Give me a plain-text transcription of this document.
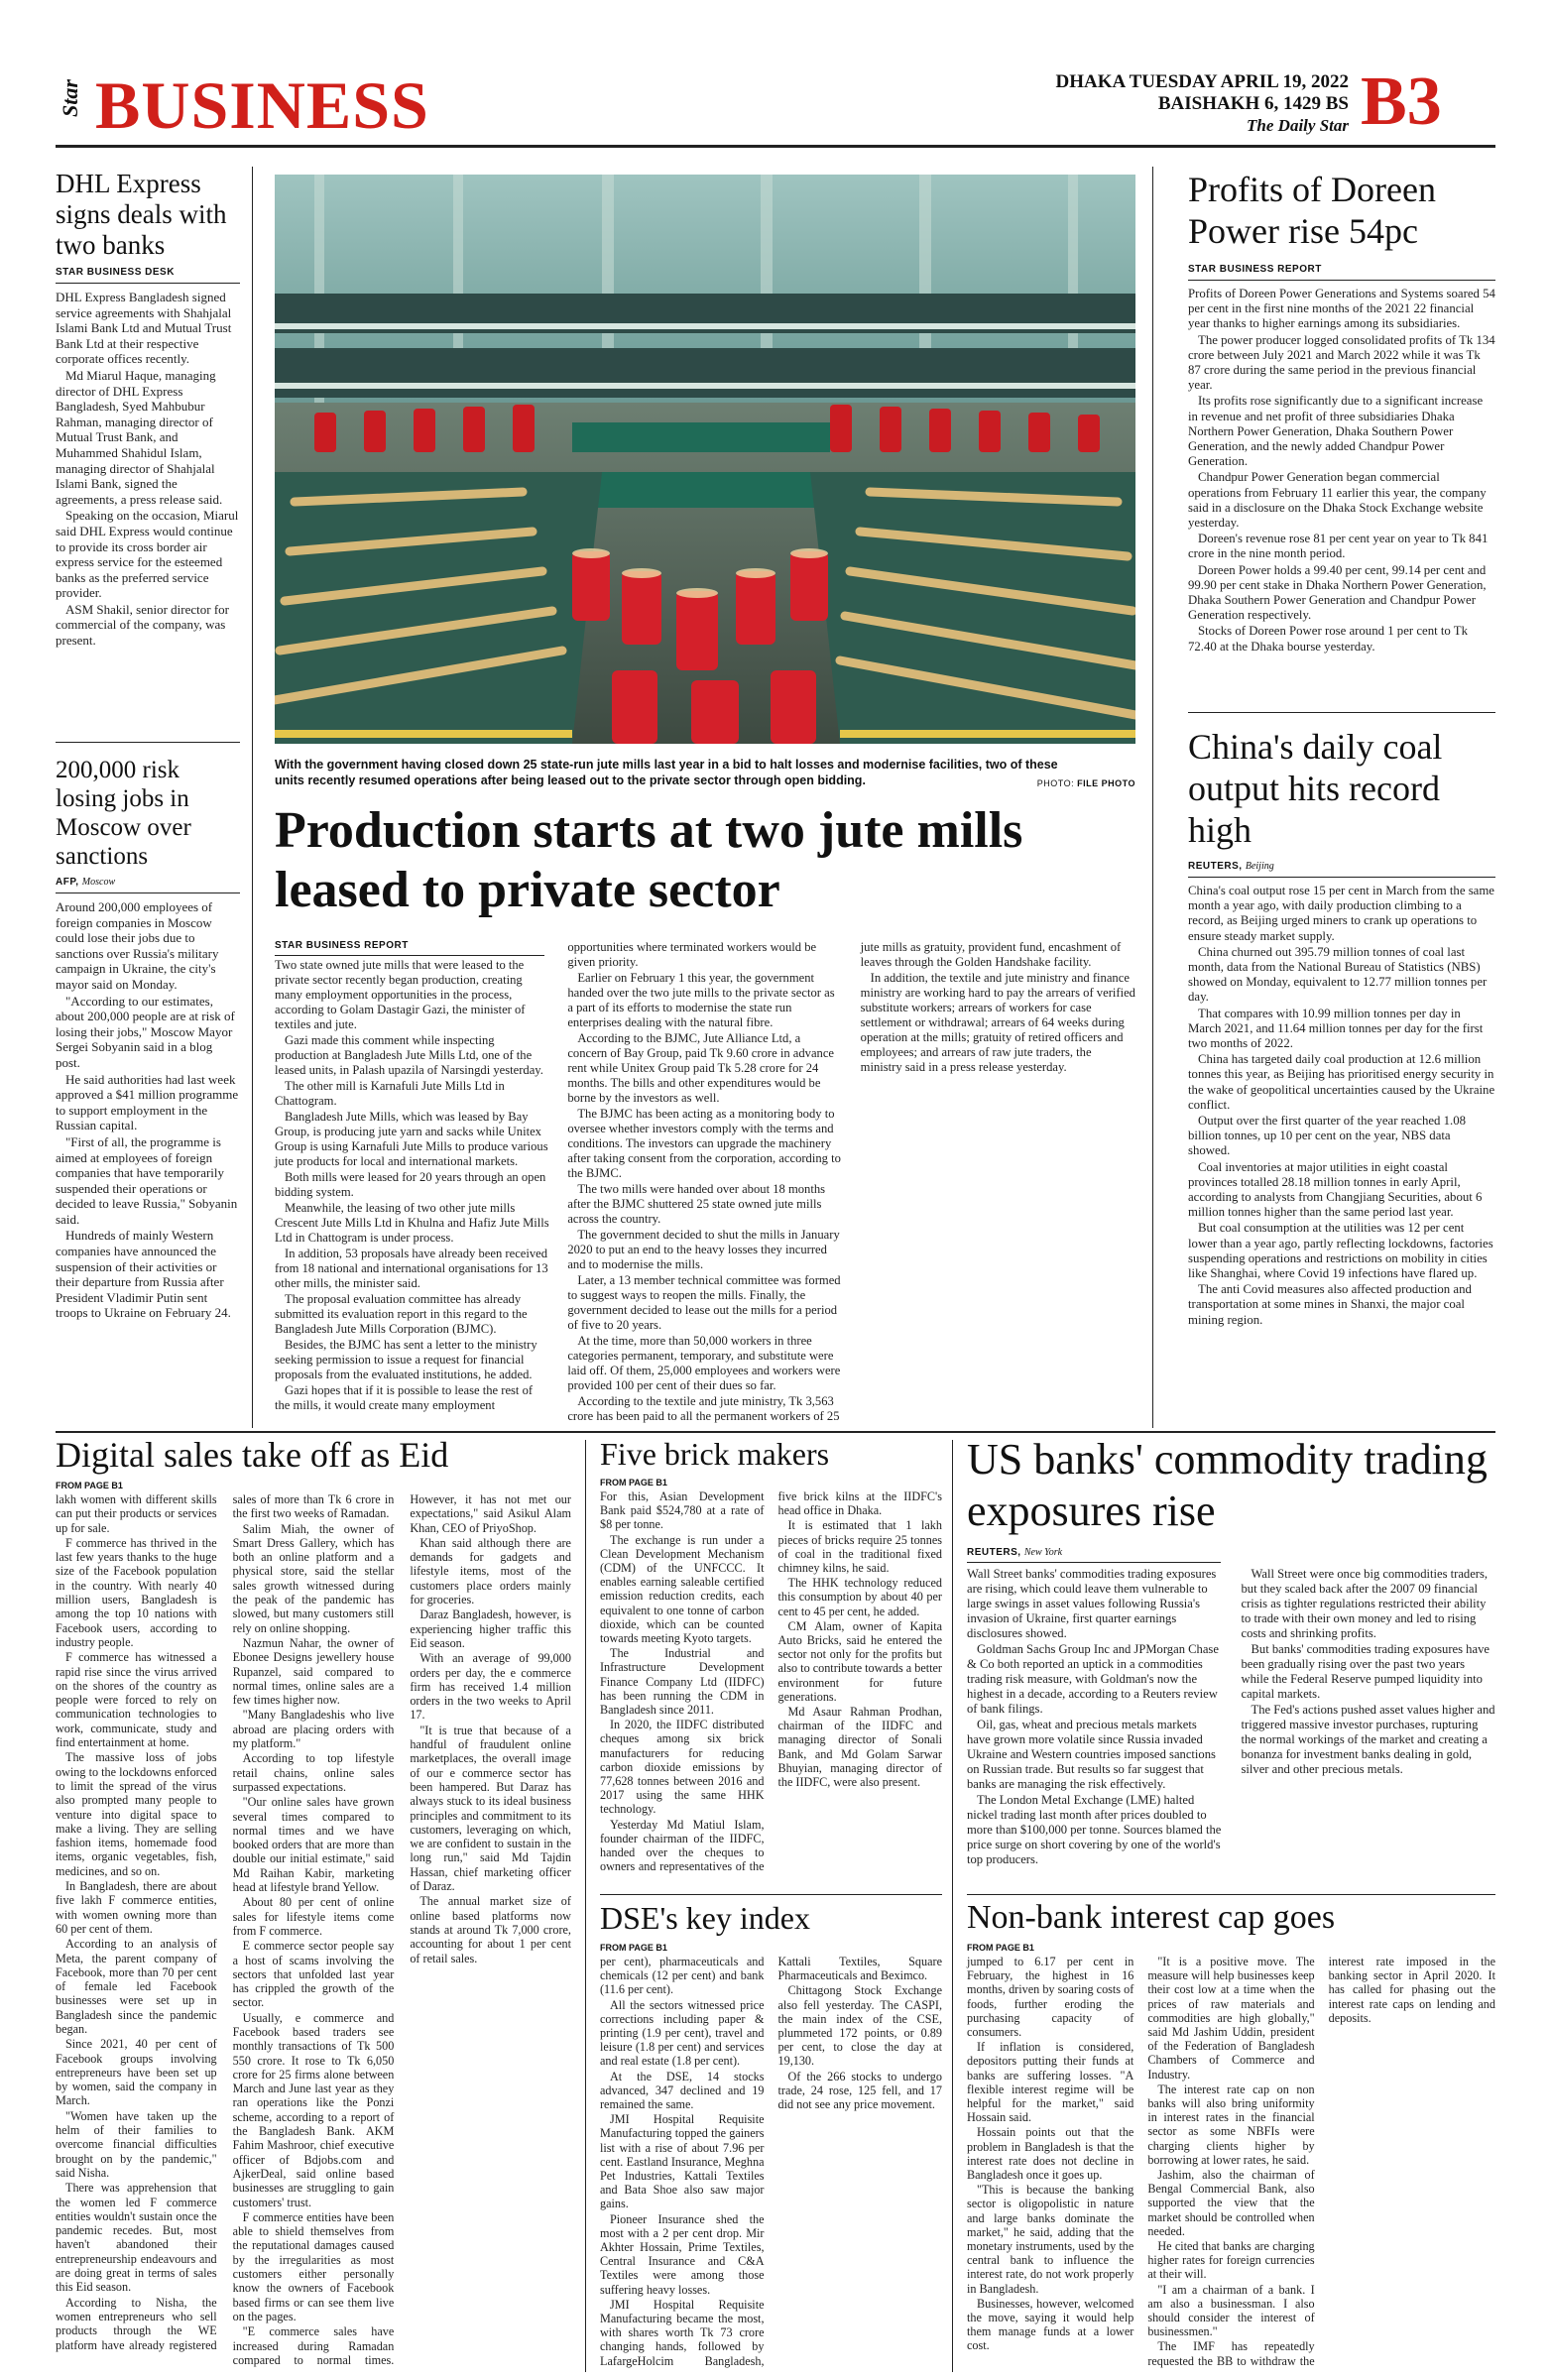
Star BUSINESS	DHAKA TUESDAY APRIL 19, 2022
BAISHAKH 6, 1429 BS
The Daily Star B3
DHL Express signs deals with two banks
STAR BUSINESS DESK

DHL Express Bangladesh signed service agreements with Shahjalal Islami Bank Ltd and Mutual Trust Bank Ltd at their respective corporate offices recently.

Md Miarul Haque, managing director of DHL Express Bangladesh, Syed Mahbubur Rahman, managing director of Mutual Trust Bank, and Muhammed Shahidul Islam, managing director of Shahjalal Islami Bank, signed the agreements, a press release said.

Speaking on the occasion, Miarul said DHL Express would continue to provide its cross border air express service for the esteemed banks as the preferred service provider.

ASM Shakil, senior director for commercial of the company, was present.

200,000 risk losing jobs in Moscow over sanctions
AFP, Moscow

Around 200,000 employees of foreign companies in Moscow could lose their jobs due to sanctions over Russia's military campaign in Ukraine, the city's mayor said on Monday.

"According to our estimates, about 200,000 people are at risk of losing their jobs," Moscow Mayor Sergei Sobyanin said in a blog post.

He said authorities had last week approved a $41 million programme to support employment in the Russian capital.

"First of all, the programme is aimed at employees of foreign companies that have temporarily suspended their operations or decided to leave Russia," Sobyanin said.

Hundreds of mainly Western companies have announced the suspension of their activities or their departure from Russia after President Vladimir Putin sent troops to Ukraine on February 24.

With the government having closed down 25 state-run jute mills last year in a bid to halt losses and modernise facilities, two of these units recently resumed operations after being leased out to the private sector through open bidding.	PHOTO: FILE PHOTO
Production starts at two jute mills leased to private sector
STAR BUSINESS REPORT

Two state owned jute mills that were leased to the private sector recently began production, creating many employment opportunities in the process, according to Golam Dastagir Gazi, the minister of textiles and jute.

Gazi made this comment while inspecting production at Bangladesh Jute Mills Ltd, one of the leased units, in Palash upazila of Narsingdi yesterday.

The other mill is Karnafuli Jute Mills Ltd in Chattogram.

Bangladesh Jute Mills, which was leased by Bay Group, is producing jute yarn and sacks while Unitex Group is using Karnafuli Jute Mills to produce various jute products for local and international markets.

Both mills were leased for 20 years through an open bidding system.

Meanwhile, the leasing of two other jute mills Crescent Jute Mills Ltd in Khulna and Hafiz Jute Mills Ltd in Chattogram is under process.

In addition, 53 proposals have already been received from 18 national and international organisations for 13 other mills, the minister said.

The proposal evaluation committee has already submitted its evaluation report in this regard to the Bangladesh Jute Mills Corporation (BJMC).

Besides, the BJMC has sent a letter to the ministry seeking permission to issue a request for financial proposals from the evaluated institutions, he added.

Gazi hopes that if it is possible to lease the rest of the mills, it would create many employment opportunities where terminated workers would be given priority.

Earlier on February 1 this year, the government handed over the two jute mills to the private sector as a part of its efforts to modernise the state run enterprises dealing with the natural fibre.

According to the BJMC, Jute Alliance Ltd, a concern of Bay Group, paid Tk 9.60 crore in advance rent while Unitex Group paid Tk 5.28 crore for 24 months. The bills and other expenditures would be borne by the investors as well.

The BJMC has been acting as a monitoring body to oversee whether investors comply with the terms and conditions. The investors can upgrade the machinery after taking consent from the corporation, according to the BJMC.

The two mills were handed over about 18 months after the BJMC shuttered 25 state owned jute mills across the country.

The government decided to shut the mills in January 2020 to put an end to the heavy losses they incurred and to modernise the mills.

Later, a 13 member technical committee was formed to suggest ways to reopen the mills. Finally, the government decided to lease out the mills for a period of five to 20 years.

At the time, more than 50,000 workers in three categories permanent, temporary, and substitute were laid off. Of them, 25,000 employees and workers were provided 100 per cent of their dues so far.

According to the textile and jute ministry, Tk 3,563 crore has been paid to all the permanent workers of 25 jute mills as gratuity, provident fund, encashment of leaves through the Golden Handshake facility.

In addition, the textile and jute ministry and finance ministry are working hard to pay the arrears of verified substitute workers; arrears of workers for case settlement or withdrawal; arrears of 64 weeks during operation at the mills; gratuity of retired officers and employees; and arrears of raw jute traders, the ministry said in a press release yesterday.

Profits of Doreen Power rise 54pc
STAR BUSINESS REPORT

Profits of Doreen Power Generations and Systems soared 54 per cent in the first nine months of the 2021 22 financial year thanks to higher earnings among its subsidiaries.

The power producer logged consolidated profits of Tk 134 crore between July 2021 and March 2022 while it was Tk 87 crore during the same period in the previous financial year.

Its profits rose significantly due to a significant increase in revenue and net profit of three subsidiaries Dhaka Northern Power Generation, Dhaka Southern Power Generation, and the newly added Chandpur Power Generation.

Chandpur Power Generation began commercial operations from February 11 earlier this year, the company said in a disclosure on the Dhaka Stock Exchange website yesterday.

Doreen's revenue rose 81 per cent year on year to Tk 841 crore in the nine month period.

Doreen Power holds a 99.40 per cent, 99.14 per cent and 99.90 per cent stake in Dhaka Northern Power Generation, Dhaka Southern Power Generation and Chandpur Power Generation respectively.

Stocks of Doreen Power rose around 1 per cent to Tk 72.40 at the Dhaka bourse yesterday.

China's daily coal output hits record high
REUTERS, Beijing

China's coal output rose 15 per cent in March from the same month a year ago, with daily production climbing to a record, as Beijing urged miners to crank up operations to ensure steady market supply.

China churned out 395.79 million tonnes of coal last month, data from the National Bureau of Statistics (NBS) showed on Monday, equivalent to 12.77 million tonnes per day.

That compares with 10.99 million tonnes per day in March 2021, and 11.64 million tonnes per day for the first two months of 2022.

China has targeted daily coal production at 12.6 million tonnes this year, as Beijing has prioritised energy security in the wake of geopolitical uncertainties caused by the Ukraine conflict.

Output over the first quarter of the year reached 1.08 billion tonnes, up 10 per cent on the year, NBS data showed.

Coal inventories at major utilities in eight coastal provinces totalled 28.18 million tonnes in early April, according to analysts from Changjiang Securities, about 6 million tonnes higher than the same period last year.

But coal consumption at the utilities was 12 per cent lower than a year ago, partly reflecting lockdowns, factories suspending operations and restrictions on mobility in cities like Shanghai, where Covid 19 infections have flared up.

The anti Covid measures also affected production and transportation at some mines in Shanxi, the major coal mining region.

Digital sales take off as Eid
FROM PAGE B1

lakh women with different skills can put their products or services up for sale.

F commerce has thrived in the last few years thanks to the huge size of the Facebook population in the country. With nearly 40 million users, Bangladesh is among the top 10 nations with Facebook users, according to industry people.

F commerce has witnessed a rapid rise since the virus arrived on the shores of the country as people were forced to rely on communication technologies to work, communicate, study and find entertainment at home.

The massive loss of jobs owing to the lockdowns enforced to limit the spread of the virus also prompted many people to venture into digital space to make a living. They are selling fashion items, homemade food items, organic vegetables, fish, medicines, and so on.

In Bangladesh, there are about five lakh F commerce entities, with women owning more than 60 per cent of them.

According to an analysis of Meta, the parent company of Facebook, more than 70 per cent of female led Facebook businesses were set up in Bangladesh since the pandemic began.

Since 2021, 40 per cent of Facebook groups involving entrepreneurs have been set up by women, said the company in March.

"Women have taken up the helm of their families to overcome financial difficulties brought on by the pandemic," said Nisha.

There was apprehension that the women led F commerce entities wouldn't sustain once the pandemic recedes. But, most haven't abandoned their entrepreneurship endeavours and are doing great in terms of sales this Eid season.

According to Nisha, the women entrepreneurs who sell products through the WE platform have already registered sales of more than Tk 6 crore in the first two weeks of Ramadan.

Salim Miah, the owner of Smart Dress Gallery, which has both an online platform and a physical store, said the stellar sales growth witnessed during the peak of the pandemic has slowed, but many customers still rely on online shopping.

Nazmun Nahar, the owner of Ebonee Designs jewellery house Rupanzel, said compared to normal times, online sales are a few times higher now.

"Many Bangladeshis who live abroad are placing orders with my platform."

According to top lifestyle retail chains, online sales surpassed expectations.

"Our online sales have grown several times compared to normal times and we have booked orders that are more than double our initial estimate," said Md Raihan Kabir, marketing head at lifestyle brand Yellow.

About 80 per cent of online sales for lifestyle items come from F commerce.

E commerce sector people say a host of scams involving the sectors that unfolded last year has crippled the growth of the sector.

Usually, e commerce and Facebook based traders see monthly transactions of Tk 500 550 crore. It rose to Tk 6,050 crore for 25 firms alone between March and June last year as they ran operations like the Ponzi scheme, according to a report of the Bangladesh Bank. AKM Fahim Mashroor, chief executive officer of Bdjobs.com and AjkerDeal, said online based businesses are struggling to gain customers' trust.

F commerce entities have been able to shield themselves from the reputational damages caused by the irregularities as most customers either personally know the owners of Facebook based firms or can see them live on the pages.

"E commerce sales have increased during Ramadan compared to normal times. However, it has not met our expectations," said Asikul Alam Khan, CEO of PriyoShop.

Khan said although there are demands for gadgets and lifestyle items, most of the customers place orders mainly for groceries.

Daraz Bangladesh, however, is experiencing higher traffic this Eid season.

With an average of 99,000 orders per day, the e commerce firm has received 1.4 million orders in the two weeks to April 17.

"It is true that because of a handful of fraudulent online marketplaces, the overall image of our e commerce sector has been hampered. But Daraz has always stuck to its ideal business principles and commitment to its customers, leveraging on which, we are confident to sustain in the long run," said Md Tajdin Hassan, chief marketing officer of Daraz.

The annual market size of online based platforms now stands at around Tk 7,000 crore, accounting for about 1 per cent of retail sales.

Five brick makers
FROM PAGE B1

For this, Asian Development Bank paid $524,780 at a rate of $8 per tonne.

The exchange is run under a Clean Development Mechanism (CDM) of the UNFCCC. It enables earning saleable certified emission reduction credits, each equivalent to one tonne of carbon dioxide, which can be counted towards meeting Kyoto targets.

The Industrial and Infrastructure Development Finance Company Ltd (IIDFC) has been running the CDM in Bangladesh since 2011.

In 2020, the IIDFC distributed cheques among six brick manufacturers for reducing carbon dioxide emissions by 77,628 tonnes between 2016 and 2017 using the same HHK technology.

Yesterday Md Matiul Islam, founder chairman of the IIDFC, handed over the cheques to owners and representatives of the five brick kilns at the IIDFC's head office in Dhaka.

It is estimated that 1 lakh pieces of bricks require 25 tonnes of coal in the traditional fixed chimney kilns, he said.

The HHK technology reduced this consumption by about 40 per cent to 45 per cent, he added.

CM Alam, owner of Kapita Auto Bricks, said he entered the sector not only for the profits but also to contribute towards a better environment for future generations.

Md Asaur Rahman Prodhan, chairman of the IIDFC and managing director of Sonali Bank, and Md Golam Sarwar Bhuyian, managing director of the IIDFC, were also present.

DSE's key index
FROM PAGE B1

per cent), pharmaceuticals and chemicals (12 per cent) and bank (11.6 per cent).

All the sectors witnessed price corrections including paper & printing (1.9 per cent), travel and leisure (1.8 per cent) and services and real estate (1.8 per cent).

At the DSE, 14 stocks advanced, 347 declined and 19 remained the same.

JMI Hospital Requisite Manufacturing topped the gainers list with a rise of about 7.96 per cent. Eastland Insurance, Meghna Pet Industries, Kattali Textiles and Bata Shoe also saw major gains.

Pioneer Insurance shed the most with a 2 per cent drop. Mir Akhter Hossain, Prime Textiles, Central Insurance and C&A Textiles were among those suffering heavy losses.

JMI Hospital Requisite Manufacturing became the most, with shares worth Tk 73 crore changing hands, followed by LafargeHolcim Bangladesh, Kattali Textiles, Square Pharmaceuticals and Beximco.

Chittagong Stock Exchange also fell yesterday. The CASPI, the main index of the CSE, plummeted 172 points, or 0.89 per cent, to close the day at 19,130.

Of the 266 stocks to undergo trade, 24 rose, 125 fell, and 17 did not see any price movement.

US banks' commodity trading exposures rise
REUTERS, New York

Wall Street banks' commodities trading exposures are rising, which could leave them vulnerable to large swings in asset values following Russia's invasion of Ukraine, first quarter earnings disclosures showed.

Goldman Sachs Group Inc and JPMorgan Chase & Co both reported an uptick in a commodities trading risk measure, with Goldman's now the highest in a decade, according to a Reuters review of bank filings.

Oil, gas, wheat and precious metals markets have grown more volatile since Russia invaded Ukraine and Western countries imposed sanctions on Russian trade. But results so far suggest that banks are managing the risk effectively.

The London Metal Exchange (LME) halted nickel trading last month after prices doubled to more than $100,000 per tonne. Sources blamed the price surge on short covering by one of the world's top producers.

Wall Street were once big commodities traders, but they scaled back after the 2007 09 financial crisis as tighter regulations restricted their ability to trade with their own money and led to rising costs and shrinking profits.

But banks' commodities trading exposures have been gradually rising over the past two years while the Federal Reserve pumped liquidity into capital markets.

The Fed's actions pushed asset values higher and triggered massive investor purchases, rupturing the normal workings of the market and creating a bonanza for investment banks dealing in gold, silver and other precious metals.

Non-bank interest cap goes
FROM PAGE B1

jumped to 6.17 per cent in February, the highest in 16 months, driven by soaring costs of foods, further eroding the purchasing capacity of consumers.

If inflation is considered, depositors putting their funds at banks are suffering losses. "A flexible interest regime will be helpful for the market," said Hossain said.

Hossain points out that the problem in Bangladesh is that the interest rate does not decline in Bangladesh once it goes up.

"This is because the banking sector is oligopolistic in nature and large banks dominate the market," he said, adding that the monetary instruments, used by the central bank to influence the interest rate, do not work properly in Bangladesh.

Businesses, however, welcomed the move, saying it would help them manage funds at a lower cost.

"It is a positive move. The measure will help businesses keep their cost low at a time when the prices of raw materials and commodities are high globally," said Md Jashim Uddin, president of the Federation of Bangladesh Chambers of Commerce and Industry.

The interest rate cap on non banks will also bring uniformity in interest rates in the financial sector as some NBFIs were charging clients higher by borrowing at lower rates, he said.

Jashim, also the chairman of Bengal Commercial Bank, also supported the view that the market should be controlled when needed.

He cited that banks are charging higher rates for foreign currencies at their will.

"I am a chairman of a bank. I am also a businessman. I also should consider the interest of businessmen."

The IMF has repeatedly requested the BB to withdraw the interest rate imposed in the banking sector in April 2020. It has called for phasing out the interest rate caps on lending and deposits.
